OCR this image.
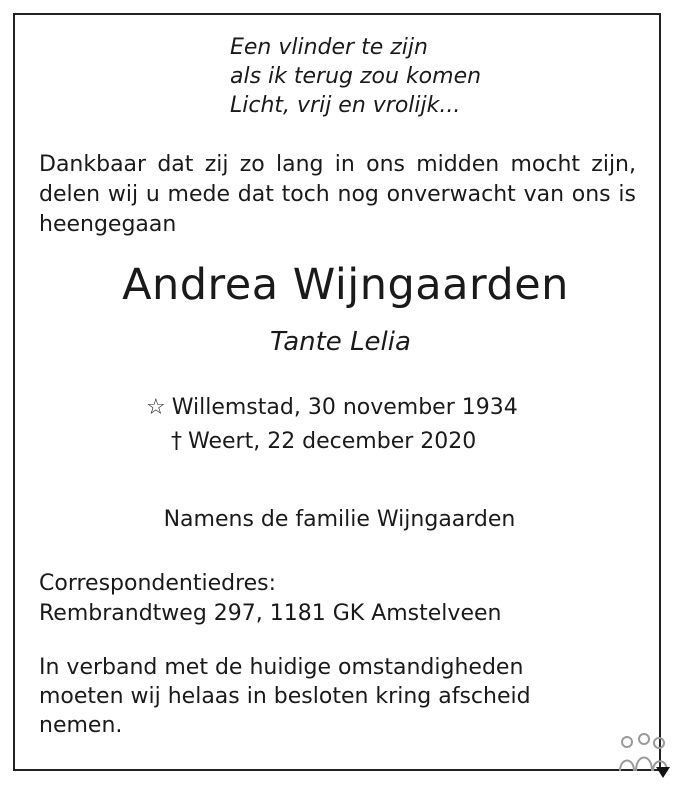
Een vlinder te zijn
als ik terug zou komen
Licht, vrij en vrolijk...
Dankbaar dat zij zo lang in ons midden mocht zijn, delen wij u mede dat toch nog onverwacht van ons is heengegaan
Andrea Wijngaarden
Tante Lelia
☆ Willemstad, 30 november 1934
† Weert, 22 december 2020
Namens de familie Wijngaarden
Correspondentiedres:
Rembrandtweg 297, 1181 GK Amstelveen
In verband met de huidige omstandigheden
moeten wij helaas in besloten kring afscheid
nemen.
